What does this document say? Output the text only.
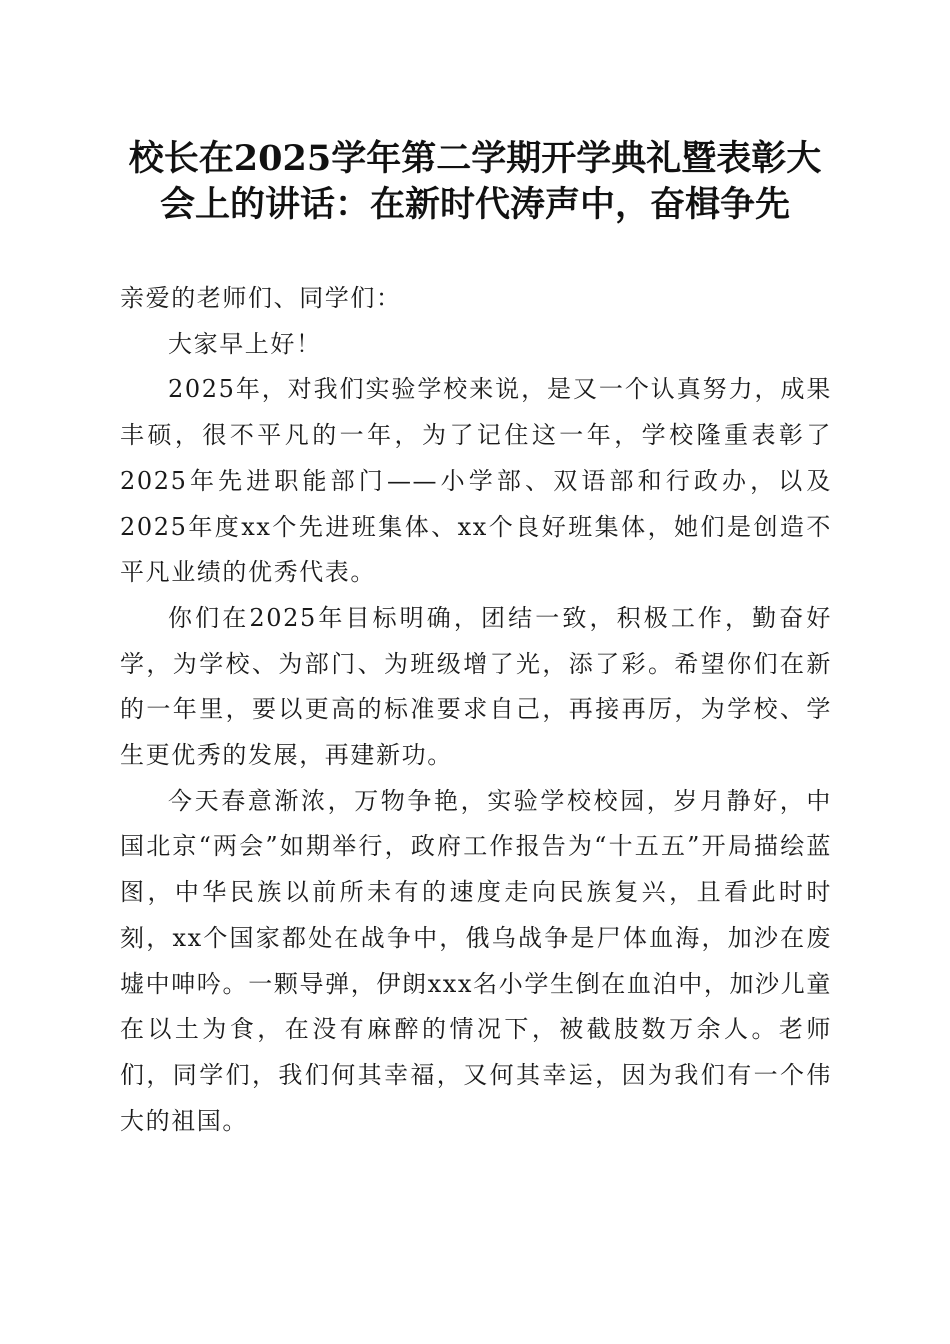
校长在2025学年第二学期开学典礼暨表彰大
会上的讲话：在新时代涛声中，奋楫争先

亲爱的老师们、同学们：

大家早上好！

2025年，对我们实验学校来说，是又一个认真努力，成果丰硕，很不平凡的一年，为了记住这一年，学校隆重表彰了2025年先进职能部门——小学部、双语部和行政办，以及2025年度xx个先进班集体、xx个良好班集体，她们是创造不平凡业绩的优秀代表。

你们在2025年目标明确，团结一致，积极工作，勤奋好学，为学校、为部门、为班级增了光，添了彩。希望你们在新的一年里，要以更高的标准要求自己，再接再厉，为学校、学生更优秀的发展，再建新功。

今天春意渐浓，万物争艳，实验学校校园，岁月静好，中国北京“两会”如期举行，政府工作报告为“十五五”开局描绘蓝图，中华民族以前所未有的速度走向民族复兴，且看此时时刻，xx个国家都处在战争中，俄乌战争是尸体血海，加沙在废墟中呻吟。一颗导弹，伊朗xxx名小学生倒在血泊中，加沙儿童在以土为食，在没有麻醉的情况下，被截肢数万余人。老师们，同学们，我们何其幸福，又何其幸运，因为我们有一个伟大的祖国。
